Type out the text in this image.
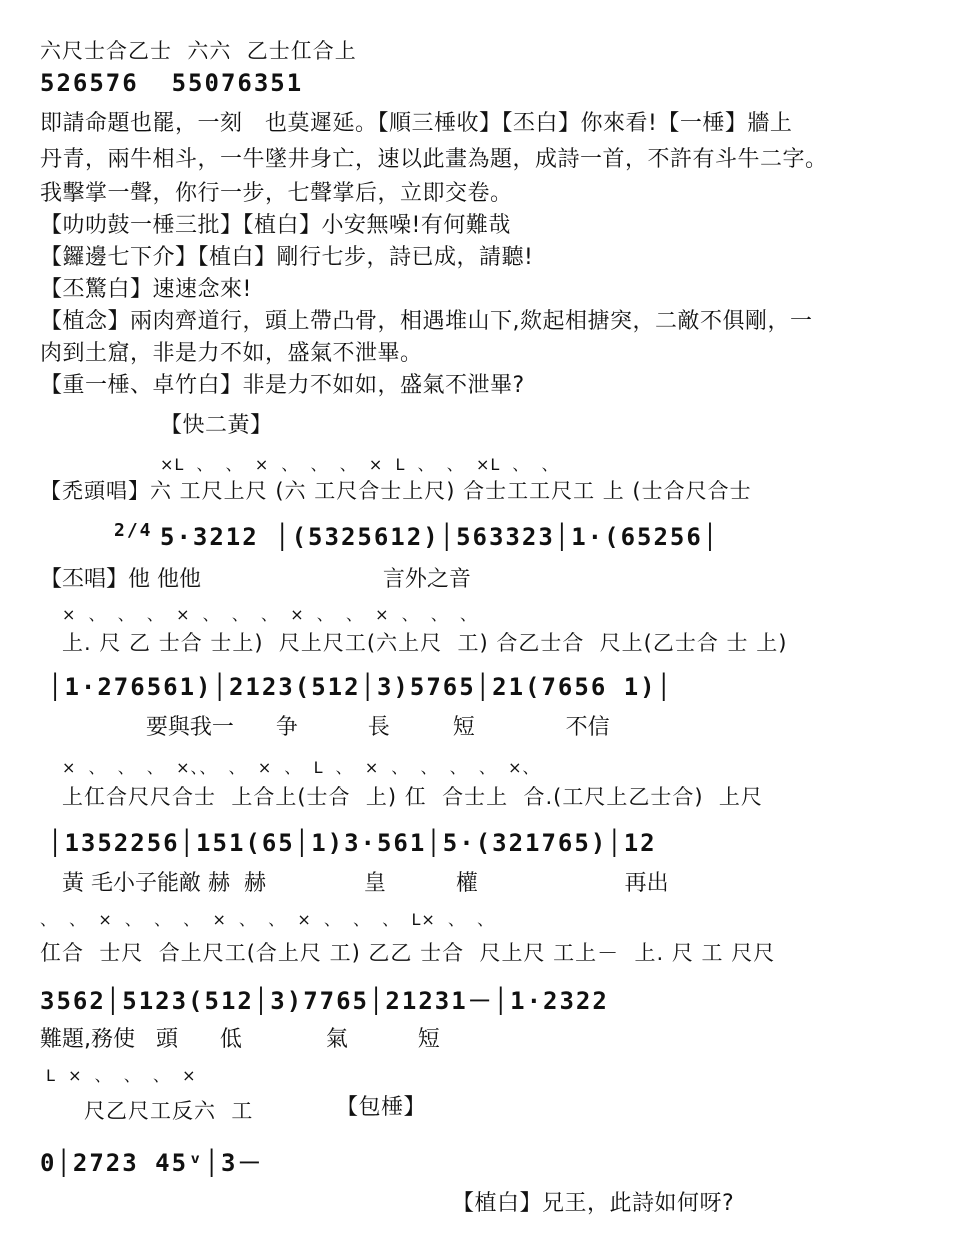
六尺士合乙士  六六  乙士仜合上
526576  55076351
即請命題也罷，一刻　也莫遲延。【順三棰收】【丕白】你來看!【一棰】牆上
丹青，兩牛相斗，一牛墜井身亡，速以此畫為題，成詩一首，不許有斗牛二字。
我擊掌一聲，你行一步，七聲掌后，立即交卷。
【叻叻鼓一棰三批】【植白】小安無噪!有何難哉
【鑼邊七下介】【植白】剛行七步，詩已成，請聽!
【丕驚白】速速念來!
【植念】兩肉齊道行，頭上帶凸骨，相遇堆山下,欻起相搪突，二敵不俱剛，一
肉到土窟，非是力不如，盛氣不泄畢。
【重一棰、卓竹白】非是力不如如，盛氣不泄畢?
【快二黃】
×L  、  、  ×  、  、  、  ×  L  、  、  ×L  、  、
【禿頭唱】六 工尺上尺 (六 工尺合士上尺) 合士工工尺工 上 (士合尺合士
2/4 5·3212 │(5325612)│563323│1·(65256│
【丕唱】他 他他                          言外之音
×  、  、  、  ×  、  、  、  ×  、  、  ×  、  、  、
上. 尺 乙 士合 士上)  尺上尺工(六上尺  工) 合乙士合  尺上(乙士合 士 上)
│1·276561)│2123(512│3)5765│21(7656 1)│
要與我一      争          長         短             不信
×  、  、  、  ×、、  、  ×  、  L  、  ×  、  、  、  、  ×、
上仜合尺尺合士  上合上(士合  上) 仜  合士上  合.(工尺上乙士合)  上尺
│1352256│151(65│1)3·561│5·(321765)│12
黃 毛小子能敵 赫  赫              皇          權                     再出
、  、  ×  、  、  、  ×  、  、  ×  、  、  、  L×  、  、
仜合  士尺  合上尺工(合上尺 工) 乙乙 士合  尺上尺 工上－  上. 尺 工 尺尺
3562│5123(512│3)7765│21231－│1·2322
難題,務使   頭      低            氣          短
L  ×  、  、  、  ×
尺乙尺工反六  工	【包棰】
0│2723 45ᵛ│3－
【植白】兄王，此詩如何呀?
